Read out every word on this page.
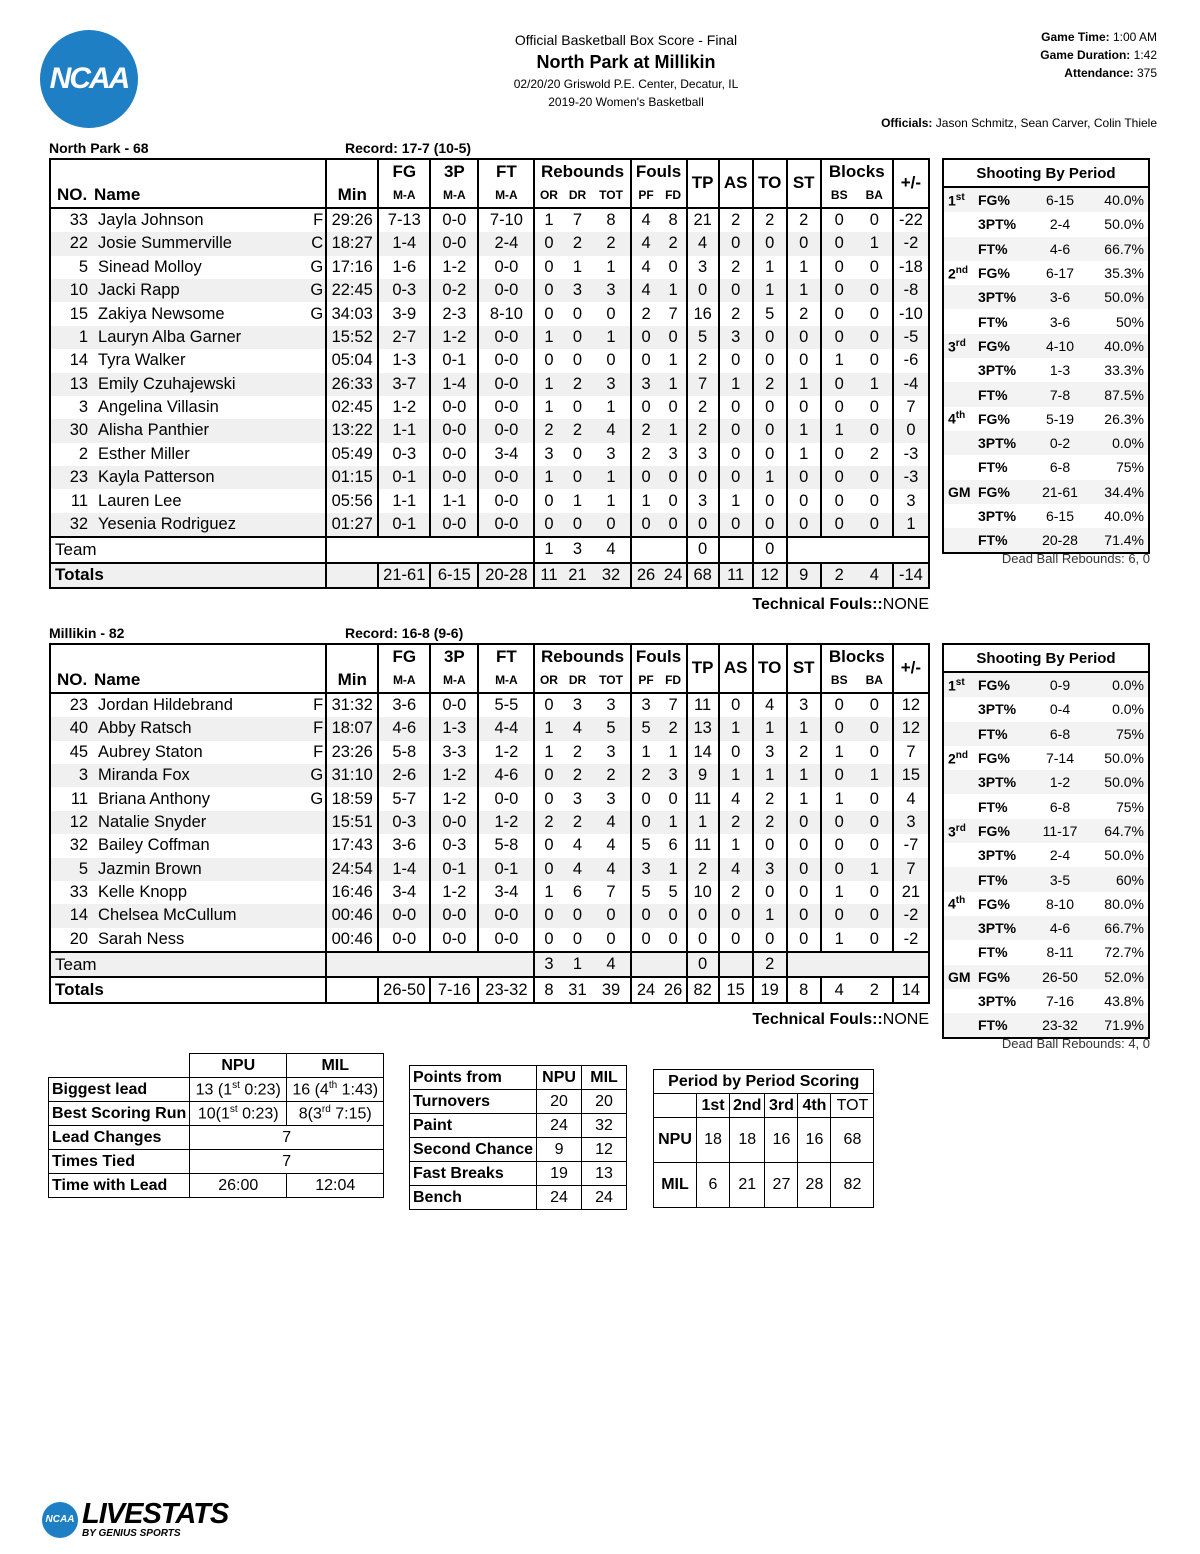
NCAA
Official Basketball Box Score - Final
North Park at Millikin
02/20/20 Griswold P.E. Center, Decatur, IL
2019-20 Women's Basketball
Game Time: 1:00 AM
Game Duration: 1:42
Attendance: 375
Officials: Jason Schmitz, Sean Carver, Colin Thiele
North Park - 68	Record: 17-7 (10-5)
				FG	3P	FT	Rebounds			Fouls		TP	AS	TO	ST	Blocks		+/-
NO.	Name		Min	M-A	M-A	M-A	OR	DR	TOT	PF	FD					BS	BA	
33	Jayla Johnson	F	29:26	7-13	0-0	7-10	1	7	8	4	8	21	2	2	2	0	0	-22
22	Josie Summerville	C	18:27	1-4	0-0	2-4	0	2	2	4	2	4	0	0	0	0	1	-2
5	Sinead Molloy	G	17:16	1-6	1-2	0-0	0	1	1	4	0	3	2	1	1	0	0	-18
10	Jacki Rapp	G	22:45	0-3	0-2	0-0	0	3	3	4	1	0	0	1	1	0	0	-8
15	Zakiya Newsome	G	34:03	3-9	2-3	8-10	0	0	0	2	7	16	2	5	2	0	0	-10
1	Lauryn Alba Garner		15:52	2-7	1-2	0-0	1	0	1	0	0	5	3	0	0	0	0	-5
14	Tyra Walker		05:04	1-3	0-1	0-0	0	0	0	0	1	2	0	0	0	1	0	-6
13	Emily Czuhajewski		26:33	3-7	1-4	0-0	1	2	3	3	1	7	1	2	1	0	1	-4
3	Angelina Villasin		02:45	1-2	0-0	0-0	1	0	1	0	0	2	0	0	0	0	0	7
30	Alisha Panthier		13:22	1-1	0-0	0-0	2	2	4	2	1	2	0	0	1	1	0	0
2	Esther Miller		05:49	0-3	0-0	3-4	3	0	3	2	3	3	0	0	1	0	2	-3
23	Kayla Patterson		01:15	0-1	0-0	0-0	1	0	1	0	0	0	0	1	0	0	0	-3
11	Lauren Lee		05:56	1-1	1-1	0-0	0	1	1	1	0	3	1	0	0	0	0	3
32	Yesenia Rodriguez		01:27	0-1	0-0	0-0	0	0	0	0	0	0	0	0	0	0	0	1
Team							1	3	4			0		0				
Totals				21-61	6-15	20-28	11	21	32	26	24	68	11	12	9	2	4	-14
Shooting By Period			
1st	FG%	6-15	40.0%
	3PT%	2-4	50.0%
	FT%	4-6	66.7%
2nd	FG%	6-17	35.3%
	3PT%	3-6	50.0%
	FT%	3-6	50%
3rd	FG%	4-10	40.0%
	3PT%	1-3	33.3%
	FT%	7-8	87.5%
4th	FG%	5-19	26.3%
	3PT%	0-2	0.0%
	FT%	6-8	75%
GM	FG%	21-61	34.4%
	3PT%	6-15	40.0%
	FT%	20-28	71.4%
Dead Ball Rebounds: 6, 0
Technical Fouls::NONE
Millikin - 82	Record: 16-8 (9-6)
				FG	3P	FT	Rebounds			Fouls		TP	AS	TO	ST	Blocks		+/-
NO.	Name		Min	M-A	M-A	M-A	OR	DR	TOT	PF	FD					BS	BA	
23	Jordan Hildebrand	F	31:32	3-6	0-0	5-5	0	3	3	3	7	11	0	4	3	0	0	12
40	Abby Ratsch	F	18:07	4-6	1-3	4-4	1	4	5	5	2	13	1	1	1	0	0	12
45	Aubrey Staton	F	23:26	5-8	3-3	1-2	1	2	3	1	1	14	0	3	2	1	0	7
3	Miranda Fox	G	31:10	2-6	1-2	4-6	0	2	2	2	3	9	1	1	1	0	1	15
11	Briana Anthony	G	18:59	5-7	1-2	0-0	0	3	3	0	0	11	4	2	1	1	0	4
12	Natalie Snyder		15:51	0-3	0-0	1-2	2	2	4	0	1	1	2	2	0	0	0	3
32	Bailey Coffman		17:43	3-6	0-3	5-8	0	4	4	5	6	11	1	0	0	0	0	-7
5	Jazmin Brown		24:54	1-4	0-1	0-1	0	4	4	3	1	2	4	3	0	0	1	7
33	Kelle Knopp		16:46	3-4	1-2	3-4	1	6	7	5	5	10	2	0	0	1	0	21
14	Chelsea McCullum		00:46	0-0	0-0	0-0	0	0	0	0	0	0	0	1	0	0	0	-2
20	Sarah Ness		00:46	0-0	0-0	0-0	0	0	0	0	0	0	0	0	0	1	0	-2
Team							3	1	4			0		2				
Totals				26-50	7-16	23-32	8	31	39	24	26	82	15	19	8	4	2	14
Shooting By Period			
1st	FG%	0-9	0.0%
	3PT%	0-4	0.0%
	FT%	6-8	75%
2nd	FG%	7-14	50.0%
	3PT%	1-2	50.0%
	FT%	6-8	75%
3rd	FG%	11-17	64.7%
	3PT%	2-4	50.0%
	FT%	3-5	60%
4th	FG%	8-10	80.0%
	3PT%	4-6	66.7%
	FT%	8-11	72.7%
GM	FG%	26-50	52.0%
	3PT%	7-16	43.8%
	FT%	23-32	71.9%
Dead Ball Rebounds: 4, 0
Technical Fouls::NONE
	NPU	MIL
Biggest lead	13 (1st 0:23)	16 (4th 1:43)
Best Scoring Run	10(1st 0:23)	8(3rd 7:15)
Lead Changes	7	
Times Tied	7	
Time with Lead	26:00	12:04
Points from	NPU	MIL
Turnovers	20	20
Paint	24	32
Second Chance	9	12
Fast Breaks	19	13
Bench	24	24
Period by Period Scoring					
	1st	2nd	3rd	4th	TOT
NPU	18	18	16	16	68
MIL	6	21	27	28	82
NCAA LIVESTATS
BY GENIUS SPORTS
